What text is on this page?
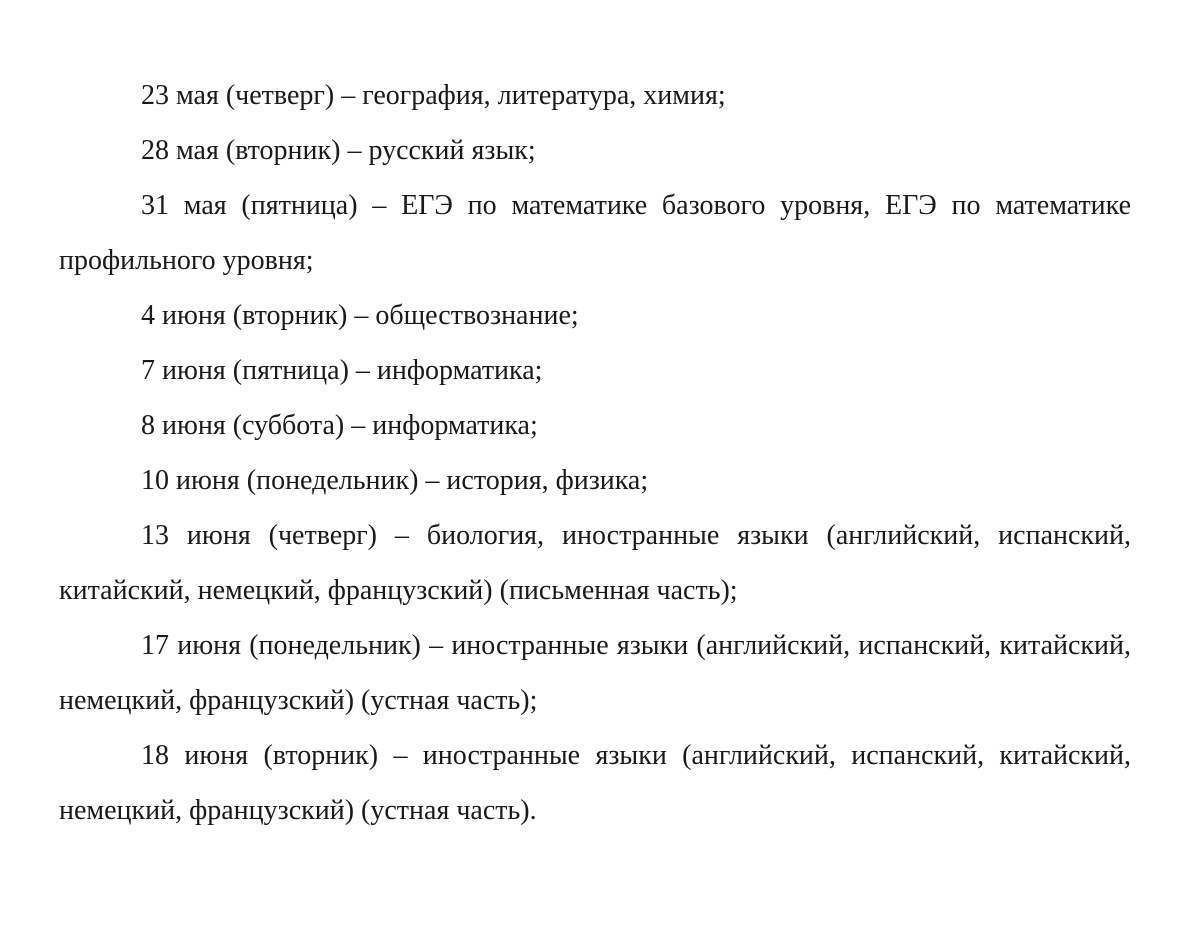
23 мая (четверг) – география, литература, химия;

28 мая (вторник) – русский язык;

31 мая (пятница) – ЕГЭ по математике базового уровня, ЕГЭ по математике профильного уровня;

4 июня (вторник) – обществознание;

7 июня (пятница) – информатика;

8 июня (суббота) – информатика;

10 июня (понедельник) – история, физика;

13 июня (четверг) – биология, иностранные языки (английский, испанский, китайский, немецкий, французский) (письменная часть);

17 июня (понедельник) – иностранные языки (английский, испанский, китайский, немецкий, французский) (устная часть);

18 июня (вторник) – иностранные языки (английский, испанский, китайский, немецкий, французский) (устная часть).
